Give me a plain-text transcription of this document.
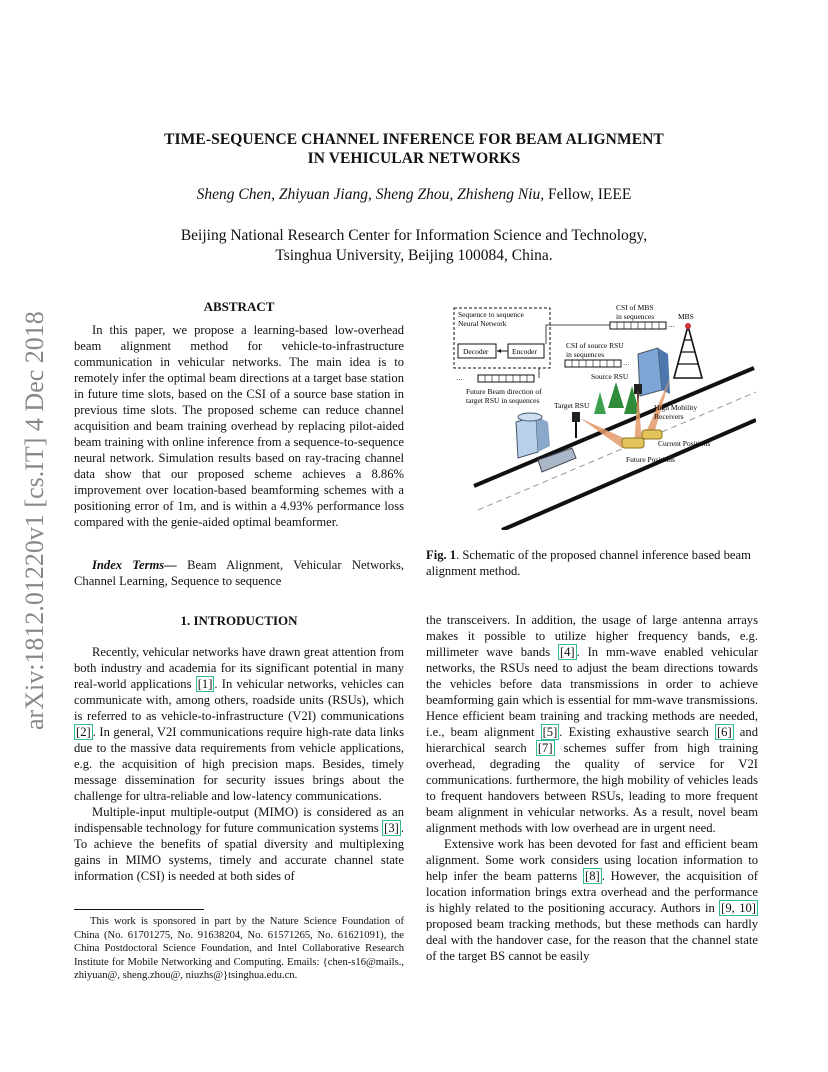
arXiv:1812.01220v1 [cs.IT] 4 Dec 2018
TIME-SEQUENCE CHANNEL INFERENCE FOR BEAM ALIGNMENT
IN VEHICULAR NETWORKS
Sheng Chen, Zhiyuan Jiang, Sheng Zhou, Zhisheng Niu, Fellow, IEEE
Beijing National Research Center for Information Science and Technology,
Tsinghua University, Beijing 100084, China.
ABSTRACT

In this paper, we propose a learning-based low-overhead beam alignment method for vehicle-to-infrastructure communication in vehicular networks. The main idea is to remotely infer the optimal beam directions at a target base station in future time slots, based on the CSI of a source base station in previous time slots. The proposed scheme can reduce channel acquisition and beam training overhead by replacing pilot-aided beam training with online inference from a sequence-to-sequence neural network. Simulation results based on ray-tracing channel data show that our proposed scheme achieves a 8.86% improvement over location-based beamforming schemes with a positioning error of 1m, and is within a 4.93% performance loss compared with the genie-aided optimal beamformer.

Index Terms— Beam Alignment, Vehicular Networks, Channel Learning, Sequence to sequence

1. INTRODUCTION

Recently, vehicular networks have drawn great attention from both industry and academia for its significant potential in many real-world applications [1] . In vehicular networks, vehicles can communicate with, among others, roadside units (RSUs), which is referred to as vehicle-to-infrastructure (V2I) communications [2] . In general, V2I communications require high-rate data links due to the massive data requirements from vehicle applications, e.g. the acquisition of high precision maps. Besides, timely message dissemination for security issues brings about the challenge for ultra-reliable and low-latency communications.

Multiple-input multiple-output (MIMO) is considered as an indispensable technology for future communication systems [3] . To achieve the benefits of spatial diversity and multiplexing gains in MIMO systems, timely and accurate channel state information (CSI) is needed at both sides of

This work is sponsored in part by the Nature Science Foundation of China (No. 61701275, No. 91638204, No. 61571265, No. 61621091), the China Postdoctoral Science Foundation, and Intel Collaborative Research Institute for Mobile Networking and Computing. Emails: {chen-s16@mails., zhiyuan@, sheng.zhou@, niuzhs@}tsinghua.edu.cn.

Sequence to sequence
Neural Network
Decoder	Encoder
CSI of MBS
in sequences	MBS
···
CSI of source RSU
in sequences
···
Source RSU
···
Future Beam direction of
target RSU in sequences
Target RSU	High Mobility
Receivers
Current Positions
Future Positions
Fig. 1. Schematic of the proposed channel inference based beam alignment method.

the transceivers. In addition, the usage of large antenna arrays makes it possible to utilize higher frequency bands, e.g. millimeter wave bands [4] . In mm-wave enabled vehicular networks, the RSUs need to adjust the beam directions towards the vehicles before data transmissions in order to achieve beamforming gain which is essential for mm-wave transmissions. Hence efficient beam training and tracking methods are needed, i.e., beam alignment [5] . Existing exhaustive search [6] and hierarchical search [7] schemes suffer from high training overhead, degrading the quality of service for V2I communications. furthermore, the high mobility of vehicles leads to frequent handovers between RSUs, leading to more frequent beam alignment in vehicular networks. As a result, novel beam alignment methods with low overhead are in urgent need.

Extensive work has been devoted for fast and efficient beam alignment. Some work considers using location information to help infer the beam patterns [8] . However, the acquisition of location information brings extra overhead and the performance is highly related to the positioning accuracy. Authors in [9, 10] proposed beam tracking methods, but these methods can hardly deal with the handover case, for the reason that the channel state of the target BS cannot be easily
